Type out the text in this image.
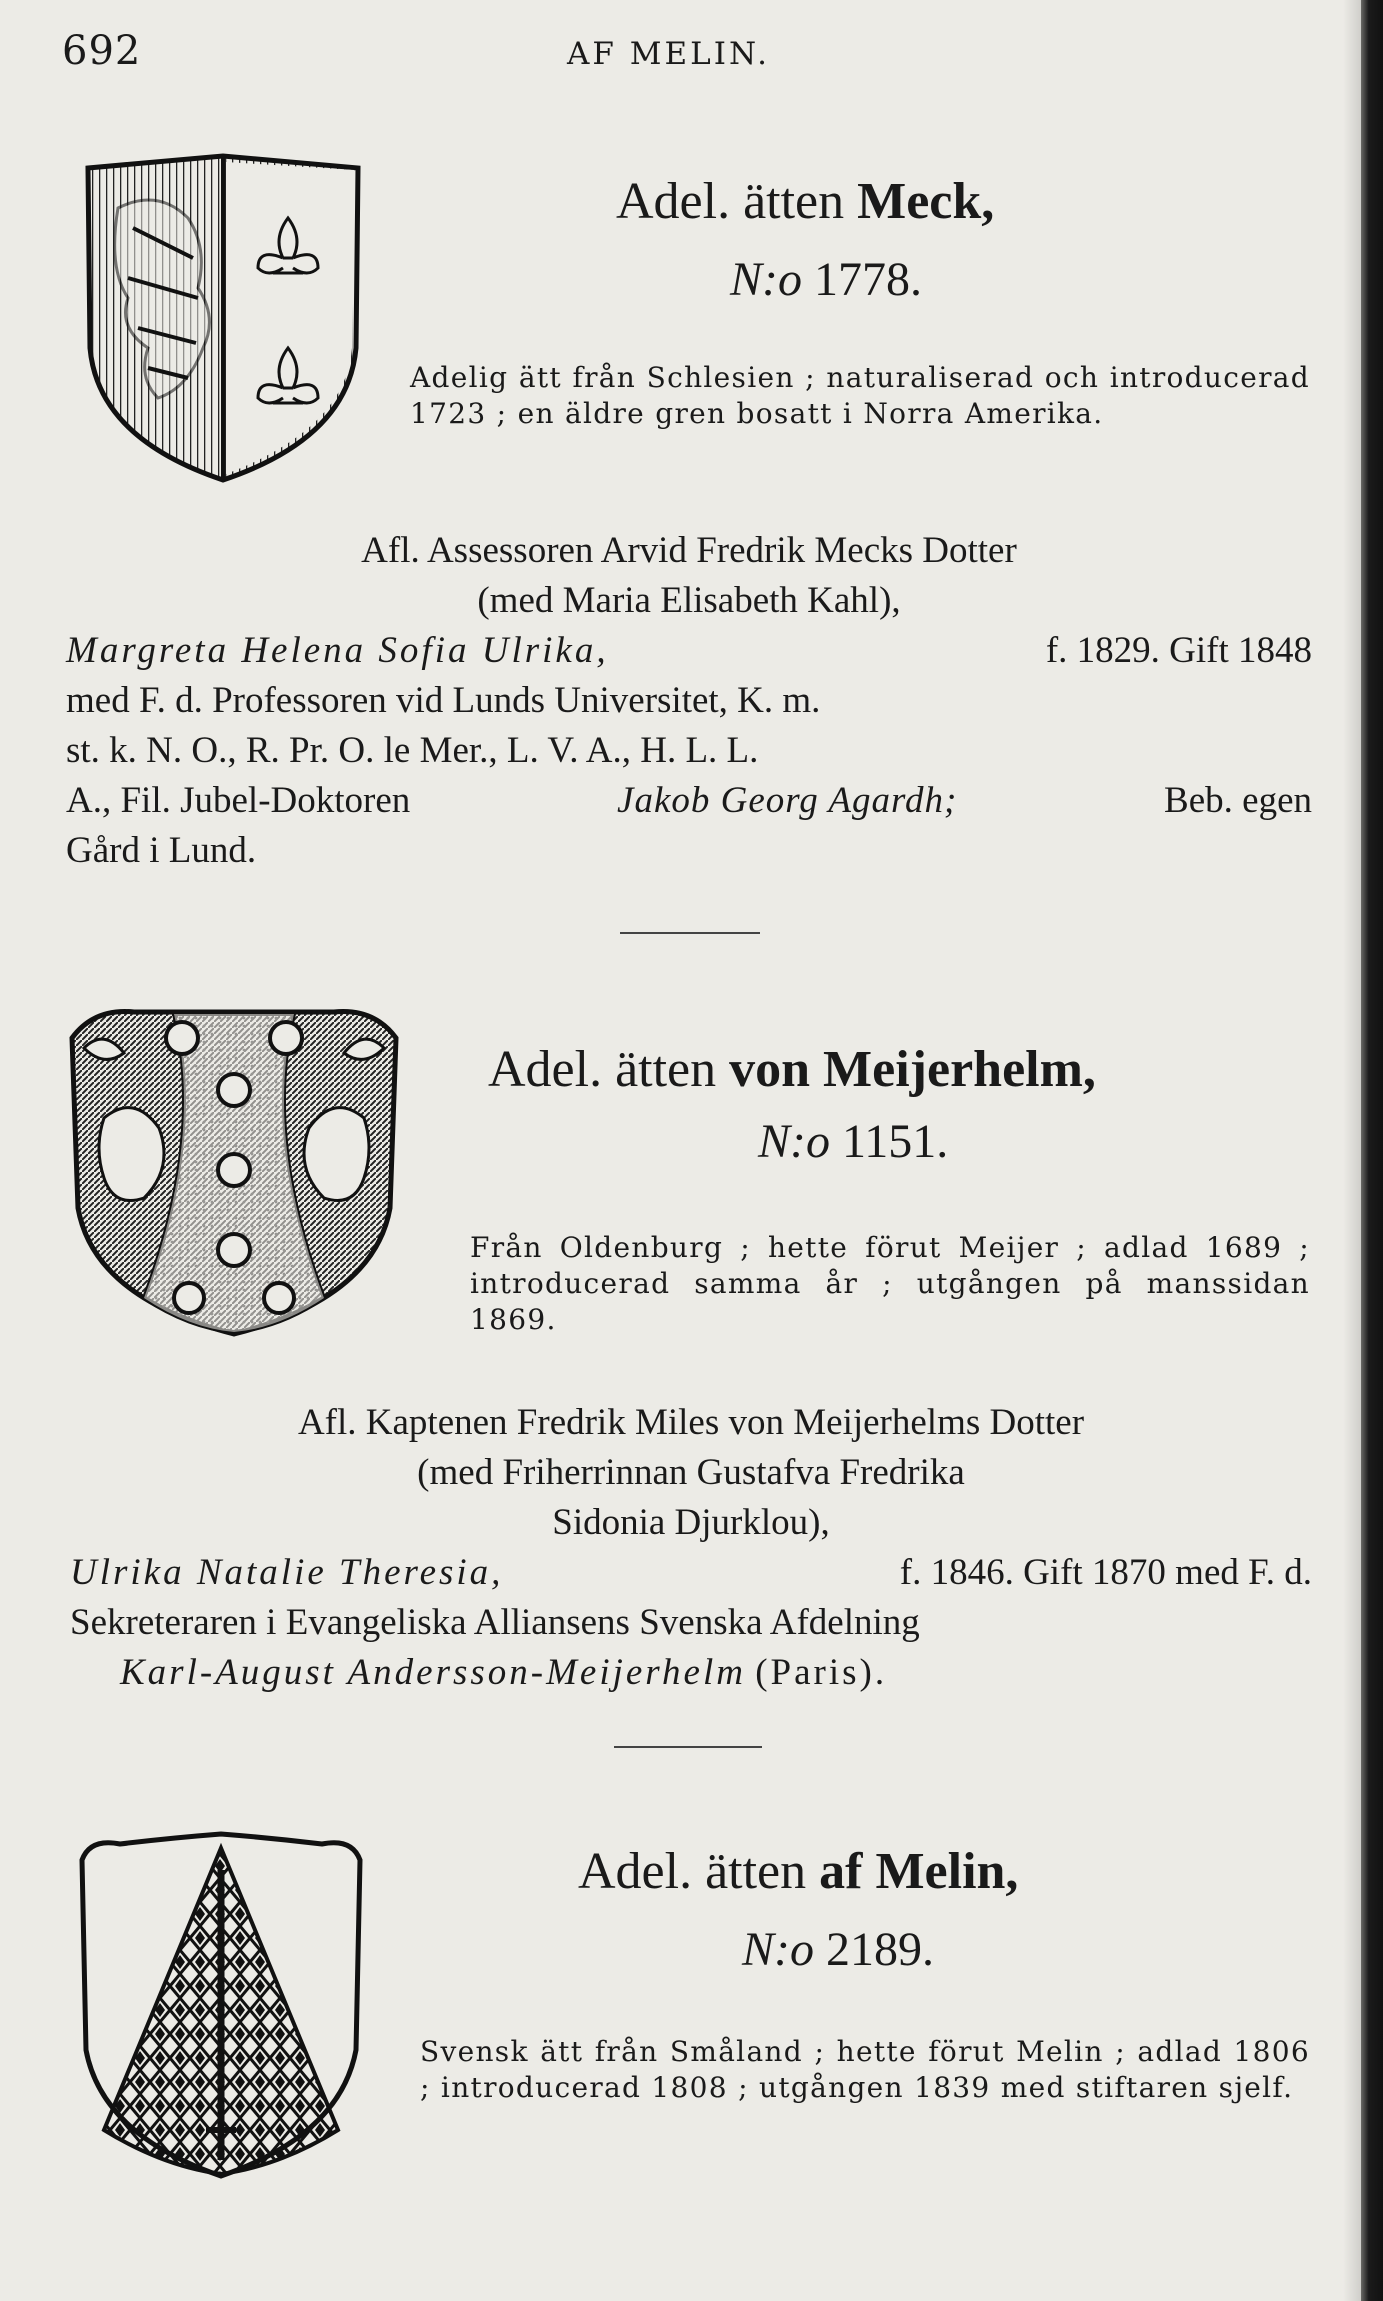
692	AF MELIN.
Adel. ätten Meck,
N:o 1778.
Adelig ätt från Schlesien ; naturaliserad och introducerad 1723 ; en äldre gren bosatt i Norra Amerika.
Afl. Assessoren Arvid Fredrik Mecks Dotter
(med Maria Elisabeth Kahl),
Margreta Helena Sofia Ulrika,	f. 1829. Gift 1848
med F. d. Professoren vid Lunds Universitet, K. m.
st. k. N. O., R. Pr. O. le Mer., L. V. A., H. L. L.
A., Fil. Jubel-Doktoren	Jakob Georg Agardh;	Beb. egen
Gård i Lund.
Adel. ätten von Meijerhelm,
N:o 1151.
Från Oldenburg ; hette förut Meijer ; adlad 1689 ; introducerad samma år ; utgången på manssidan 1869.
Afl. Kaptenen Fredrik Miles von Meijerhelms Dotter
(med Friherrinnan Gustafva Fredrika
Sidonia Djurklou),
Ulrika Natalie Theresia,	f. 1846. Gift 1870 med F. d.
Sekreteraren i Evangeliska Alliansens Svenska Afdelning
Karl-August Andersson-Meijerhelm (Paris).
Adel. ätten af Melin,
N:o 2189.
Svensk ätt från Småland ; hette förut Melin ; adlad 1806 ; introducerad 1808 ; utgången 1839 med stiftaren sjelf.
